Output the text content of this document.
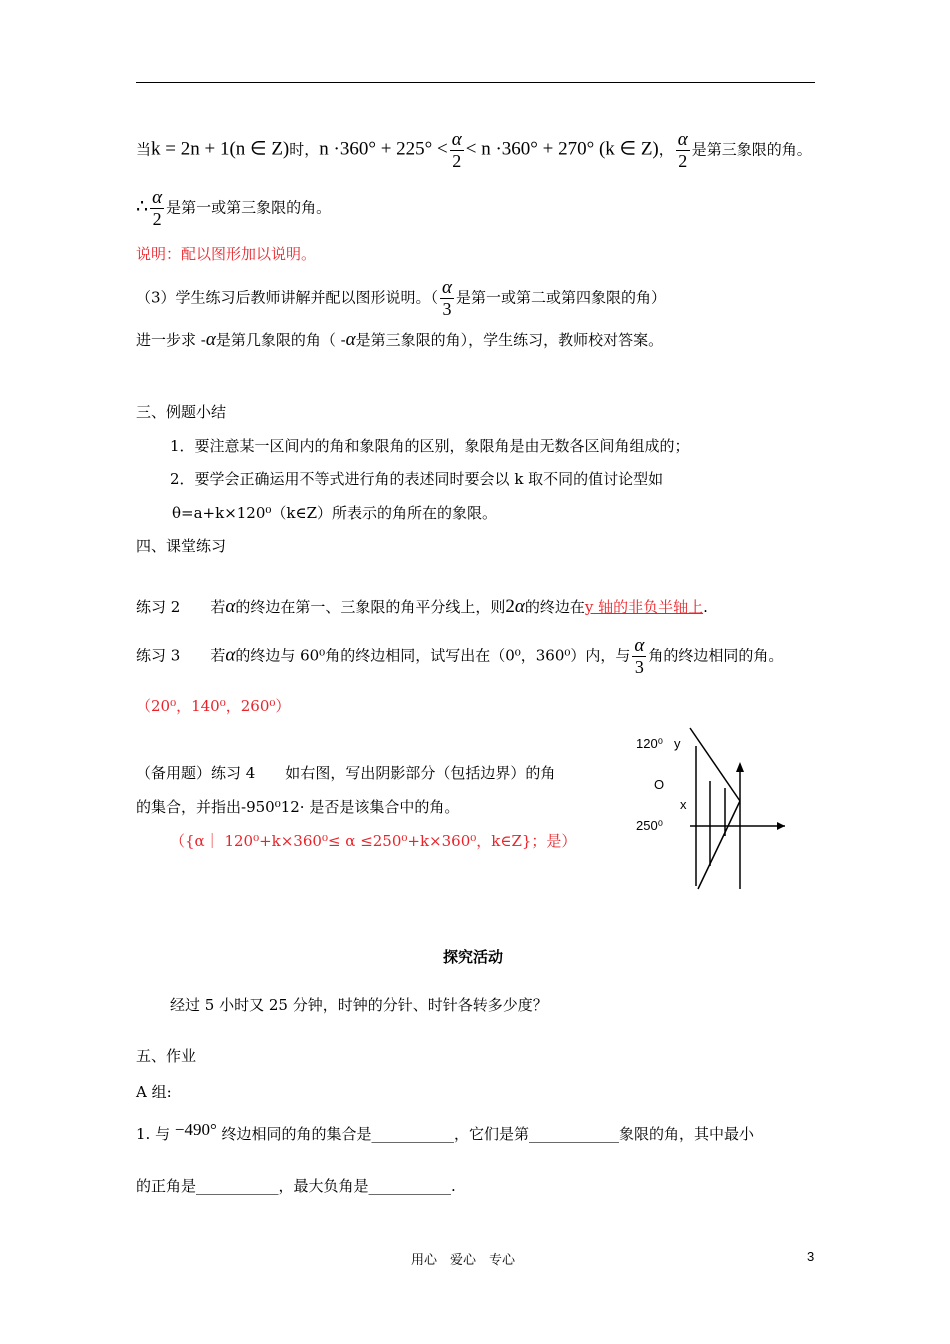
当k = 2n + 1(n ∈ Z)时，$n \cdot 360^\circ + 225^\circ < \frac{\alpha}{2} < n \cdot 360^\circ + 270^\circ$ (k ∈ Z)， $\frac{\alpha}{2}$ 是第三象限的角。
∴ $\frac{\alpha}{2}$ 是第一或第三象限的角。
说明：配以图形加以说明。
（3）学生练习后教师讲解并配以图形说明。（ $\frac{\alpha}{3}$ 是第一或第二或第四象限的角）
进一步求 -α是第几象限的角（ -α是第三象限的角），学生练习，教师校对答案。
三、例题小结
1．要注意某一区间内的角和象限角的区别，象限角是由无数各区间角组成的；
2．要学会正确运用不等式进行角的表述同时要会以 k 取不同的值讨论型如
θ=a+k×120⁰（k∈Z）所表示的角所在的象限。
四、课堂练习
练习 2　　 若α的终边在第一、三象限的角平分线上，则2α的终边在y 轴的非负半轴上.
练习 3　　 若α的终边与 60⁰角的终边相同，试写出在（0⁰，360⁰）内，与 $\frac{\alpha}{3}$ 角的终边相同的角。
（20⁰，140⁰，260⁰）
（备用题）练习 4　　如右图，写出阴影部分（包括边界）的角
的集合，并指出-950⁰12· 是否是该集合中的角。
（{α｜ 120⁰+k×360⁰≤ α ≤250⁰+k×360⁰，k∈Z}；是）
120⁰ y
O
x
250⁰
探究活动
经过 5 小时又 25 分钟，时钟的分针、时针各转多少度？
五、作业
A 组:
1. 与 −490° 终边相同的角的集合是___________，它们是第____________象限的角，其中最小
的正角是___________，最大负角是___________.
用心　爱心　专心	3
